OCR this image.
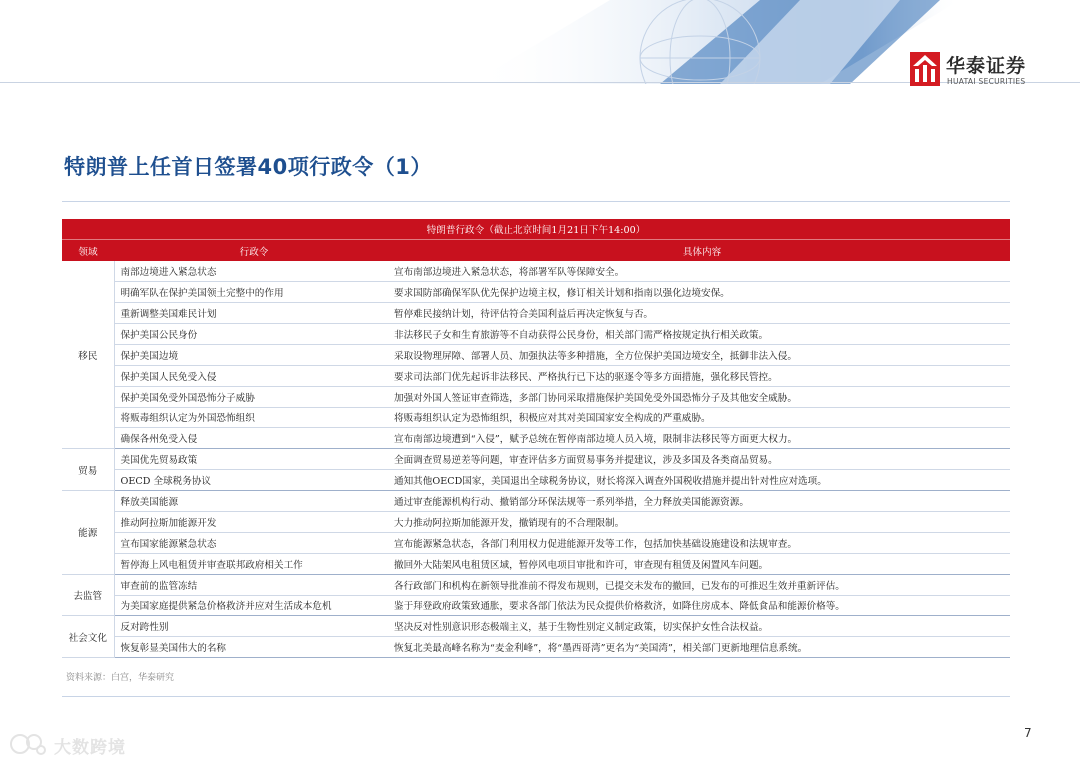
华泰证券
HUATAI SECURITIES
特朗普上任首日签署40项行政令（1）
特朗普行政令（截止北京时间1月21日下午14:00）		
领域	行政令	具体内容
移民	南部边境进入紧急状态	宣布南部边境进入紧急状态，将部署军队等保障安全。
	明确军队在保护美国领土完整中的作用	要求国防部确保军队优先保护边境主权，修订相关计划和指南以强化边境安保。
	重新调整美国难民计划	暂停难民接纳计划，待评估符合美国利益后再决定恢复与否。
	保护美国公民身份	非法移民子女和生育旅游等不自动获得公民身份，相关部门需严格按规定执行相关政策。
	保护美国边境	采取设物理屏障、部署人员、加强执法等多种措施，全方位保护美国边境安全，抵御非法入侵。
	保护美国人民免受入侵	要求司法部门优先起诉非法移民、严格执行已下达的驱逐令等多方面措施，强化移民管控。
	保护美国免受外国恐怖分子威胁	加强对外国人签证审查筛选，多部门协同采取措施保护美国免受外国恐怖分子及其他安全威胁。
	将贩毒组织认定为外国恐怖组织	将贩毒组织认定为恐怖组织，积极应对其对美国国家安全构成的严重威胁。
	确保各州免受入侵	宣布南部边境遭到“入侵”，赋予总统在暂停南部边境人员入境，限制非法移民等方面更大权力。
贸易	美国优先贸易政策	全面调查贸易逆差等问题，审查评估多方面贸易事务并提建议，涉及多国及各类商品贸易。
	OECD 全球税务协议	通知其他OECD国家，美国退出全球税务协议，财长将深入调查外国税收措施并提出针对性应对选项。
能源	释放美国能源	通过审查能源机构行动、撤销部分环保法规等一系列举措，全力释放美国能源资源。
	推动阿拉斯加能源开发	大力推动阿拉斯加能源开发，撤销现有的不合理限制。
	宣布国家能源紧急状态	宣布能源紧急状态，各部门利用权力促进能源开发等工作，包括加快基础设施建设和法规审查。
	暂停海上风电租赁并审查联邦政府相关工作	撤回外大陆架风电租赁区域，暂停风电项目审批和许可，审查现有租赁及闲置风车问题。
去监管	审查前的监管冻结	各行政部门和机构在新领导批准前不得发布规则，已提交未发布的撤回，已发布的可推迟生效并重新评估。
	为美国家庭提供紧急价格救济并应对生活成本危机	鉴于拜登政府政策致通胀，要求各部门依法为民众提供价格救济，如降住房成本、降低食品和能源价格等。
社会文化	反对跨性别	坚决反对性别意识形态极端主义，基于生物性别定义制定政策，切实保护女性合法权益。
	恢复彰显美国伟大的名称	恢复北美最高峰名称为“麦金利峰”，将“墨西哥湾”更名为“美国湾”，相关部门更新地理信息系统。
资料来源：白宫，华泰研究
7
大数跨境
